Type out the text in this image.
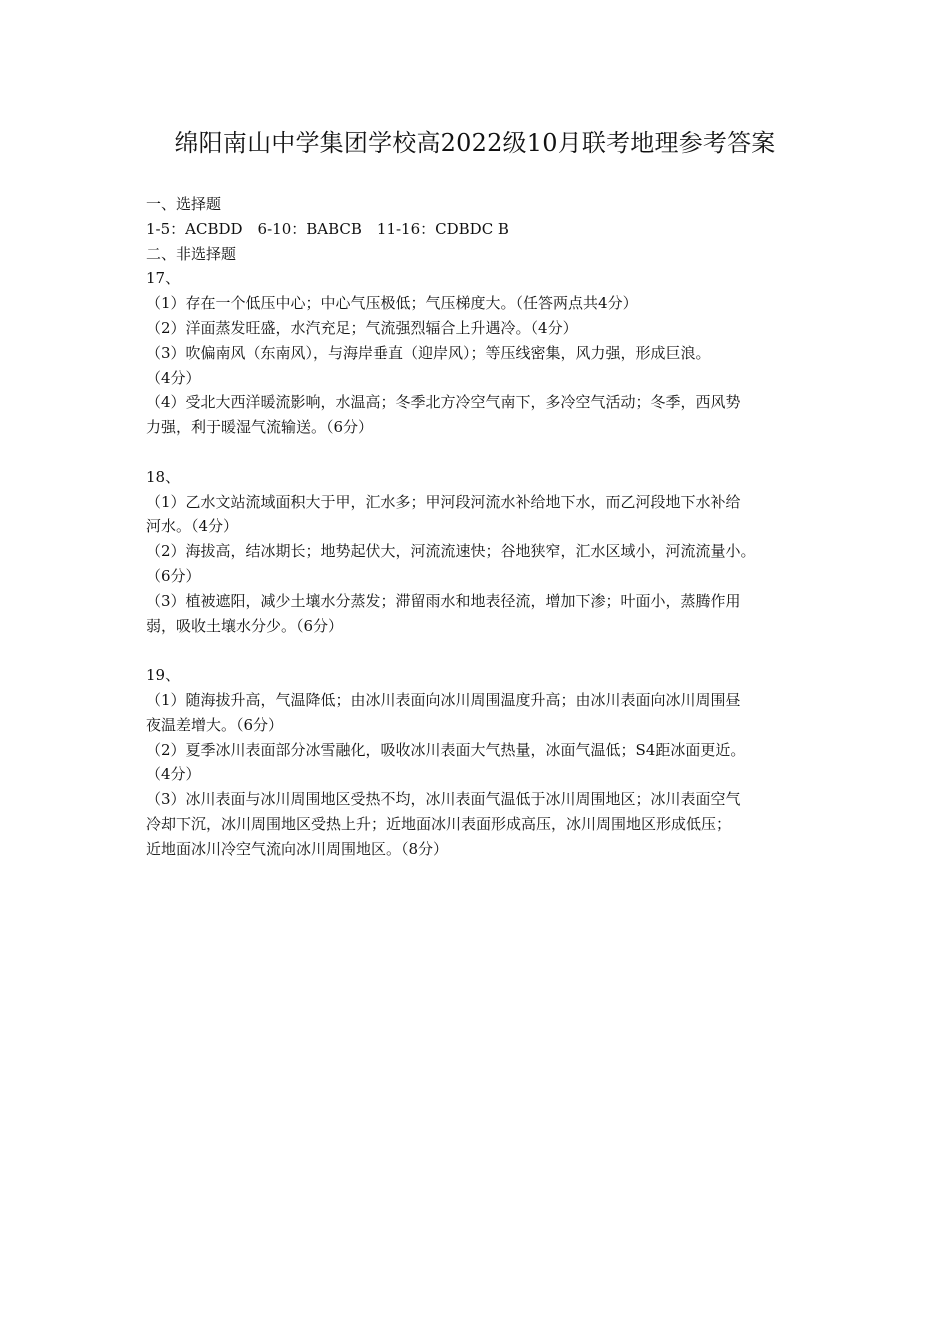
绵阳南山中学集团学校高2022级10月联考地理参考答案
一、选择题
1-5：ACBDD　6-10：BABCB　11-16：CDBDC B
二、非选择题
17、
（1）存在一个低压中心；中心气压极低；气压梯度大。（任答两点共4分）
（2）洋面蒸发旺盛，水汽充足；气流强烈辐合上升遇冷。（4分）
（3）吹偏南风（东南风），与海岸垂直（迎岸风）；等压线密集，风力强，形成巨浪。
（4分）
（4）受北大西洋暖流影响，水温高；冬季北方冷空气南下，多冷空气活动；冬季，西风势
力强，利于暖湿气流输送。（6分）
18、
（1）乙水文站流域面积大于甲，汇水多；甲河段河流水补给地下水，而乙河段地下水补给
河水。（4分）
（2）海拔高，结冰期长；地势起伏大，河流流速快；谷地狭窄，汇水区域小，河流流量小。
（6分）
（3）植被遮阳，减少土壤水分蒸发；滞留雨水和地表径流，增加下渗；叶面小，蒸腾作用
弱，吸收土壤水分少。（6分）
19、
（1）随海拔升高，气温降低；由冰川表面向冰川周围温度升高；由冰川表面向冰川周围昼
夜温差增大。（6分）
（2）夏季冰川表面部分冰雪融化，吸收冰川表面大气热量，冰面气温低；S4距冰面更近。
（4分）
（3）冰川表面与冰川周围地区受热不均，冰川表面气温低于冰川周围地区；冰川表面空气
冷却下沉，冰川周围地区受热上升；近地面冰川表面形成高压，冰川周围地区形成低压；
近地面冰川冷空气流向冰川周围地区。（8分）
